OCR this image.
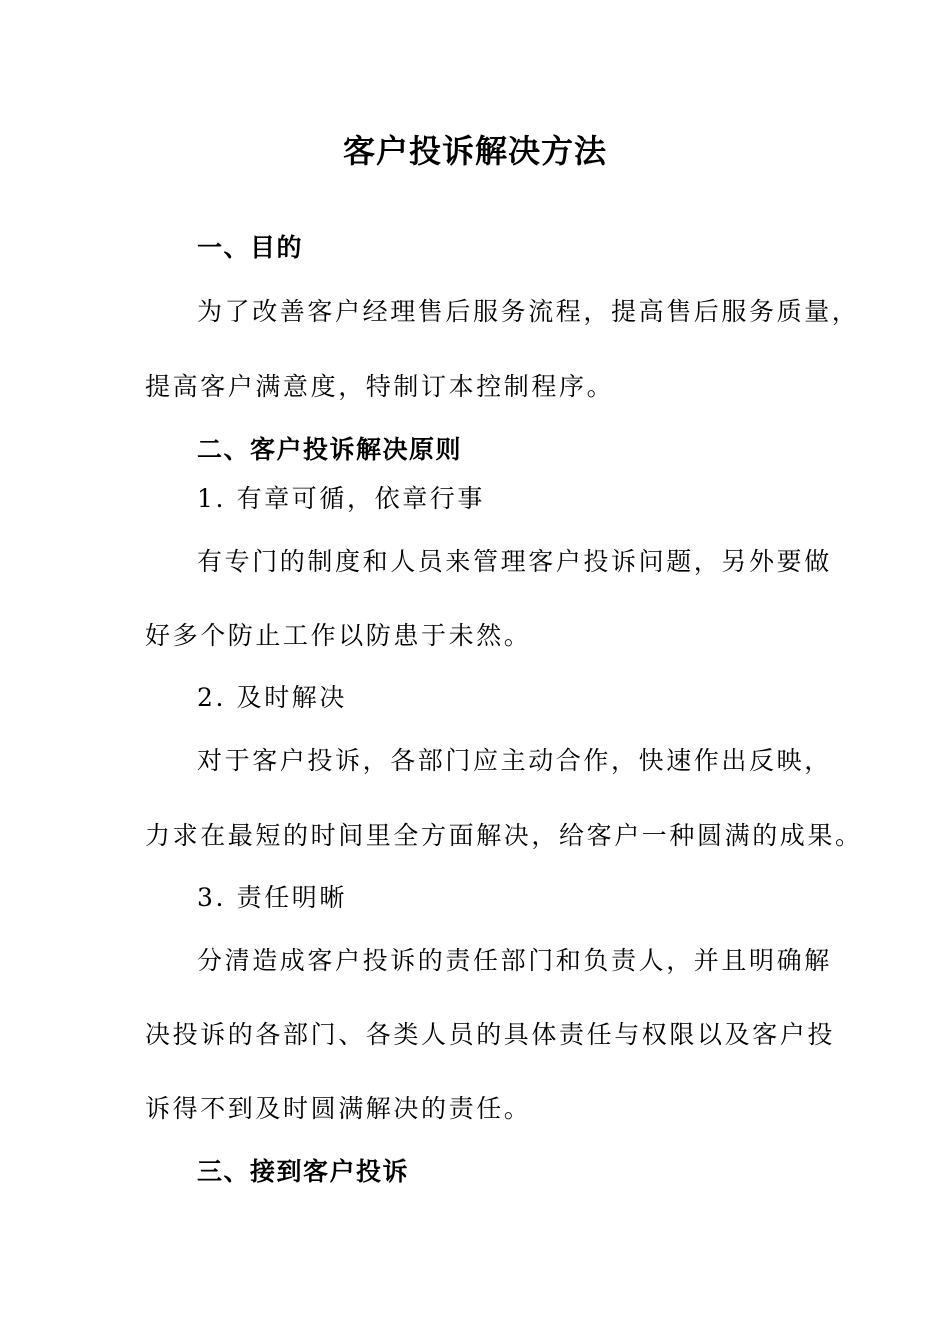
客户投诉解决方法
一、目的
为了改善客户经理售后服务流程，提高售后服务质量，
提高客户满意度，特制订本控制程序。
二、客户投诉解决原则
1. 有章可循，依章行事
有专门的制度和人员来管理客户投诉问题，另外要做
好多个防止工作以防患于未然。
2. 及时解决
对于客户投诉，各部门应主动合作，快速作出反映，
力求在最短的时间里全方面解决，给客户一种圆满的成果。
3. 责任明晰
分清造成客户投诉的责任部门和负责人，并且明确解
决投诉的各部门、各类人员的具体责任与权限以及客户投
诉得不到及时圆满解决的责任。
三、接到客户投诉
